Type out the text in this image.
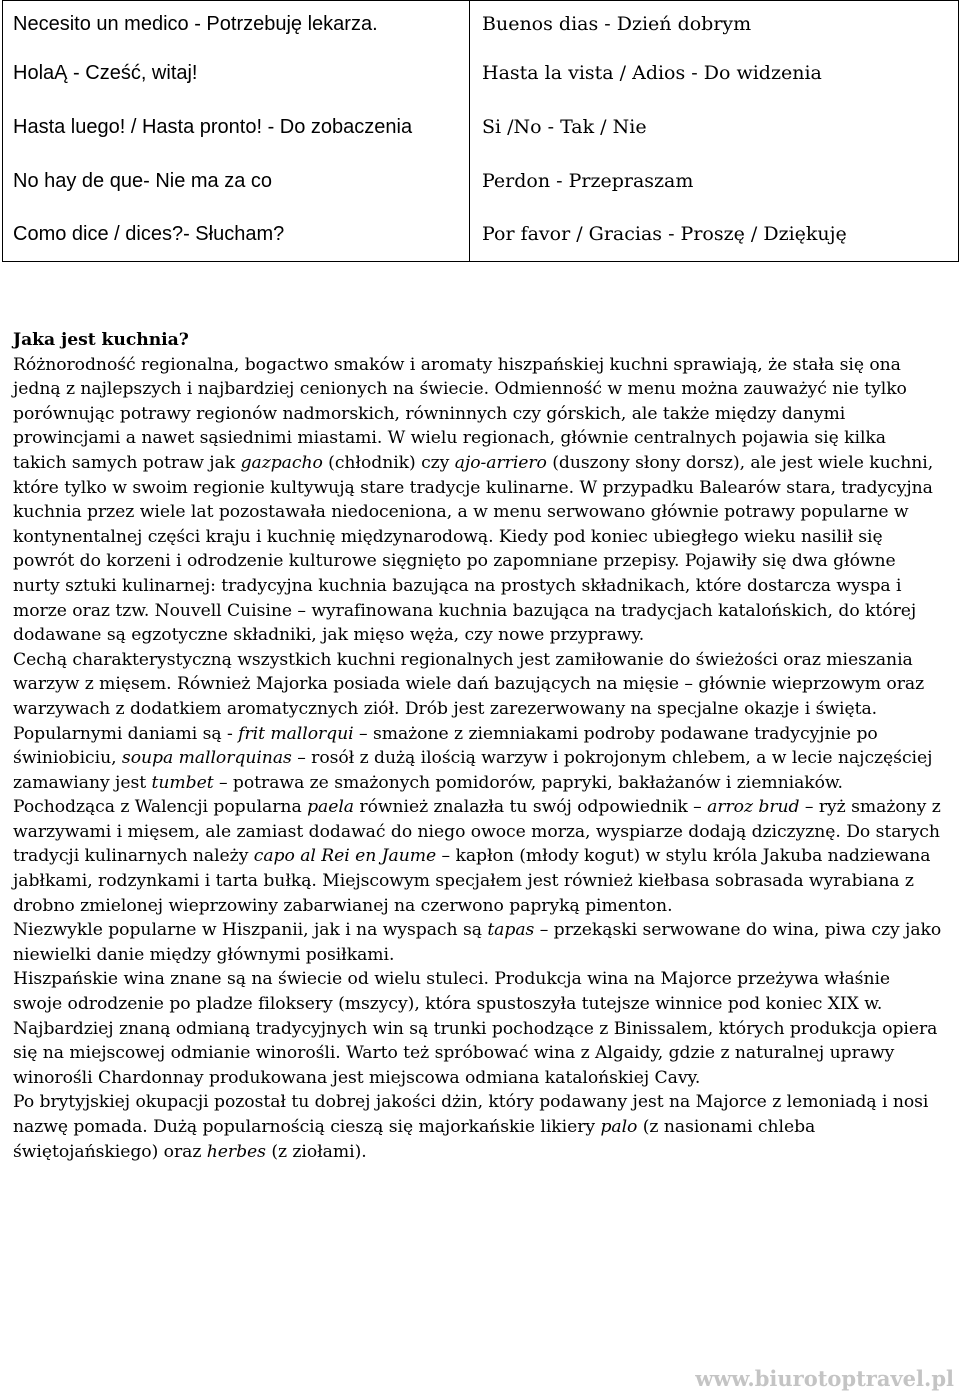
Necesito un medico - Potrzebuję lekarza.	Buenos dias - Dzień dobrym
HolaĄ - Cześć, witaj!	Hasta la vista / Adios - Do widzenia
Hasta luego! / Hasta pronto! - Do zobaczenia	Si /No - Tak / Nie
No hay de que- Nie ma za co	Perdon - Przepraszam
Como dice / dices?- Słucham?	Por favor / Gracias - Proszę / Dziękuję
Jaka jest kuchnia?

Różnorodność regionalna, bogactwo smaków i aromaty hiszpańskiej kuchni sprawiają, że stała się ona jedną z najlepszych i najbardziej cenionych na świecie. Odmienność w menu można zauważyć nie tylko porównując potrawy regionów nadmorskich, równinnych czy górskich, ale także między danymi prowincjami a nawet sąsiednimi miastami. W wielu regionach, głównie centralnych pojawia się kilka takich samych potraw jak gazpacho (chłodnik) czy ajo-arriero (duszony słony dorsz), ale jest wiele kuchni, które tylko w swoim regionie kultywują stare tradycje kulinarne. W przypadku Balearów stara, tradycyjna kuchnia przez wiele lat pozostawała niedoceniona, a w menu serwowano głównie potrawy popularne w kontynentalnej części kraju i kuchnię międzynarodową. Kiedy pod koniec ubiegłego wieku nasilił się powrót do korzeni i odrodzenie kulturowe sięgnięto po zapomniane przepisy. Pojawiły się dwa główne nurty sztuki kulinarnej: tradycyjna kuchnia bazująca na prostych składnikach, które dostarcza wyspa i morze oraz tzw. Nouvell Cuisine – wyrafinowana kuchnia bazująca na tradycjach katalońskich, do której dodawane są egzotyczne składniki, jak mięso węża, czy nowe przyprawy.

Cechą charakterystyczną wszystkich kuchni regionalnych jest zamiłowanie do świeżości oraz mieszania warzyw z mięsem. Również Majorka posiada wiele dań bazujących na mięsie – głównie wieprzowym oraz warzywach z dodatkiem aromatycznych ziół. Drób jest zarezerwowany na specjalne okazje i święta. Popularnymi daniami są - frit mallorqui – smażone z ziemniakami podroby podawane tradycyjnie po świniobiciu, soupa mallorquinas – rosół z dużą ilością warzyw i pokrojonym chlebem, a w lecie najczęściej zamawiany jest tumbet – potrawa ze smażonych pomidorów, papryki, bakłażanów i ziemniaków. Pochodząca z Walencji popularna paela również znalazła tu swój odpowiednik – arroz brud – ryż smażony z warzywami i mięsem, ale zamiast dodawać do niego owoce morza, wyspiarze dodają dziczyznę. Do starych tradycji kulinarnych należy capo al Rei en Jaume – kapłon (młody kogut) w stylu króla Jakuba nadziewana jabłkami, rodzynkami i tarta bułką. Miejscowym specjałem jest również kiełbasa sobrasada wyrabiana z drobno zmielonej wieprzowiny zabarwianej na czerwono papryką pimenton.

Niezwykle popularne w Hiszpanii, jak i na wyspach są tapas – przekąski serwowane do wina, piwa czy jako niewielki danie między głównymi posiłkami.

Hiszpańskie wina znane są na świecie od wielu stuleci. Produkcja wina na Majorce przeżywa właśnie swoje odrodzenie po pladze filoksery (mszycy), która spustoszyła tutejsze winnice pod koniec XIX w. Najbardziej znaną odmianą tradycyjnych win są trunki pochodzące z Binissalem, których produkcja opiera się na miejscowej odmianie winorośli. Warto też spróbować wina z Algaidy, gdzie z naturalnej uprawy winorośli Chardonnay produkowana jest miejscowa odmiana katalońskiej Cavy.

Po brytyjskiej okupacji pozostał tu dobrej jakości dżin, który podawany jest na Majorce z lemoniadą i nosi nazwę pomada. Dużą popularnością cieszą się majorkańskie likiery palo (z nasionami chleba świętojańskiego) oraz herbes (z ziołami).

www.biurotoptravel.pl
